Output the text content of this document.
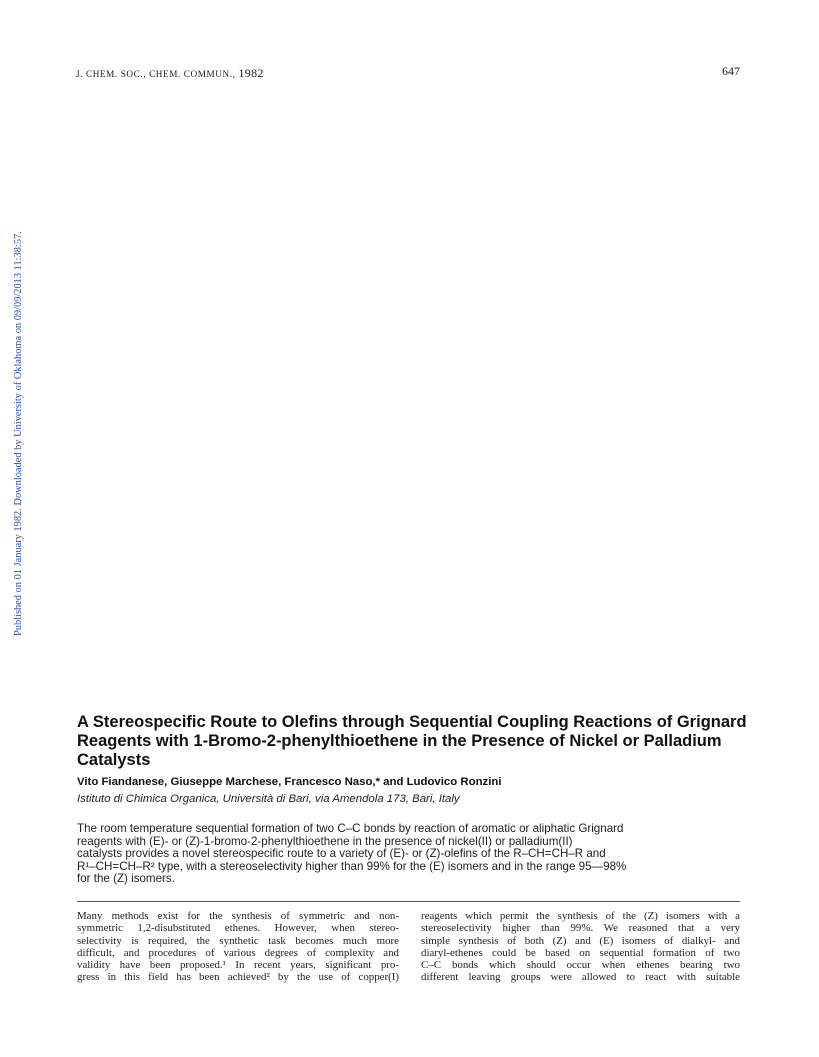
J. CHEM. SOC., CHEM. COMMUN., 1982	647
Published on 01 January 1982. Downloaded by University of Oklahoma on 09/09/2013 11:38:57.
A Stereospecific Route to Olefins through Sequential Coupling Reactions of Grignard Reagents with 1-Bromo-2-phenylthioethene in the Presence of Nickel or Palladium Catalysts
Vito Fiandanese, Giuseppe Marchese, Francesco Naso,* and Ludovico Ronzini
Istituto di Chimica Organica, Università di Bari, via Amendola 173, Bari, Italy
The room temperature sequential formation of two C–C bonds by reaction of aromatic or aliphatic Grignard
reagents with (E)- or (Z)-1-bromo-2-phenylthioethene in the presence of nickel(II) or palladium(II)
catalysts provides a novel stereospecific route to a variety of (E)- or (Z)-olefins of the R–CH=CH–R and
R¹–CH=CH–R² type, with a stereoselectivity higher than 99% for the (E) isomers and in the range 95—98%
for the (Z) isomers.
Many methods exist for the synthesis of symmetric and non-
symmetric 1,2-disubstituted ethenes. However, when stereo-
selectivity is required, the synthetic task becomes much more
difficult, and procedures of various degrees of complexity and
validity have been proposed.¹ In recent years, significant pro-
gress in this field has been achieved² by the use of copper(I)
reagents which permit the synthesis of the (Z) isomers with a
stereoselectivity higher than 99%. We reasoned that a very
simple synthesis of both (Z) and (E) isomers of dialkyl- and
diaryl-ethenes could be based on sequential formation of two
C–C bonds which should occur when ethenes bearing two
different leaving groups were allowed to react with suitable
